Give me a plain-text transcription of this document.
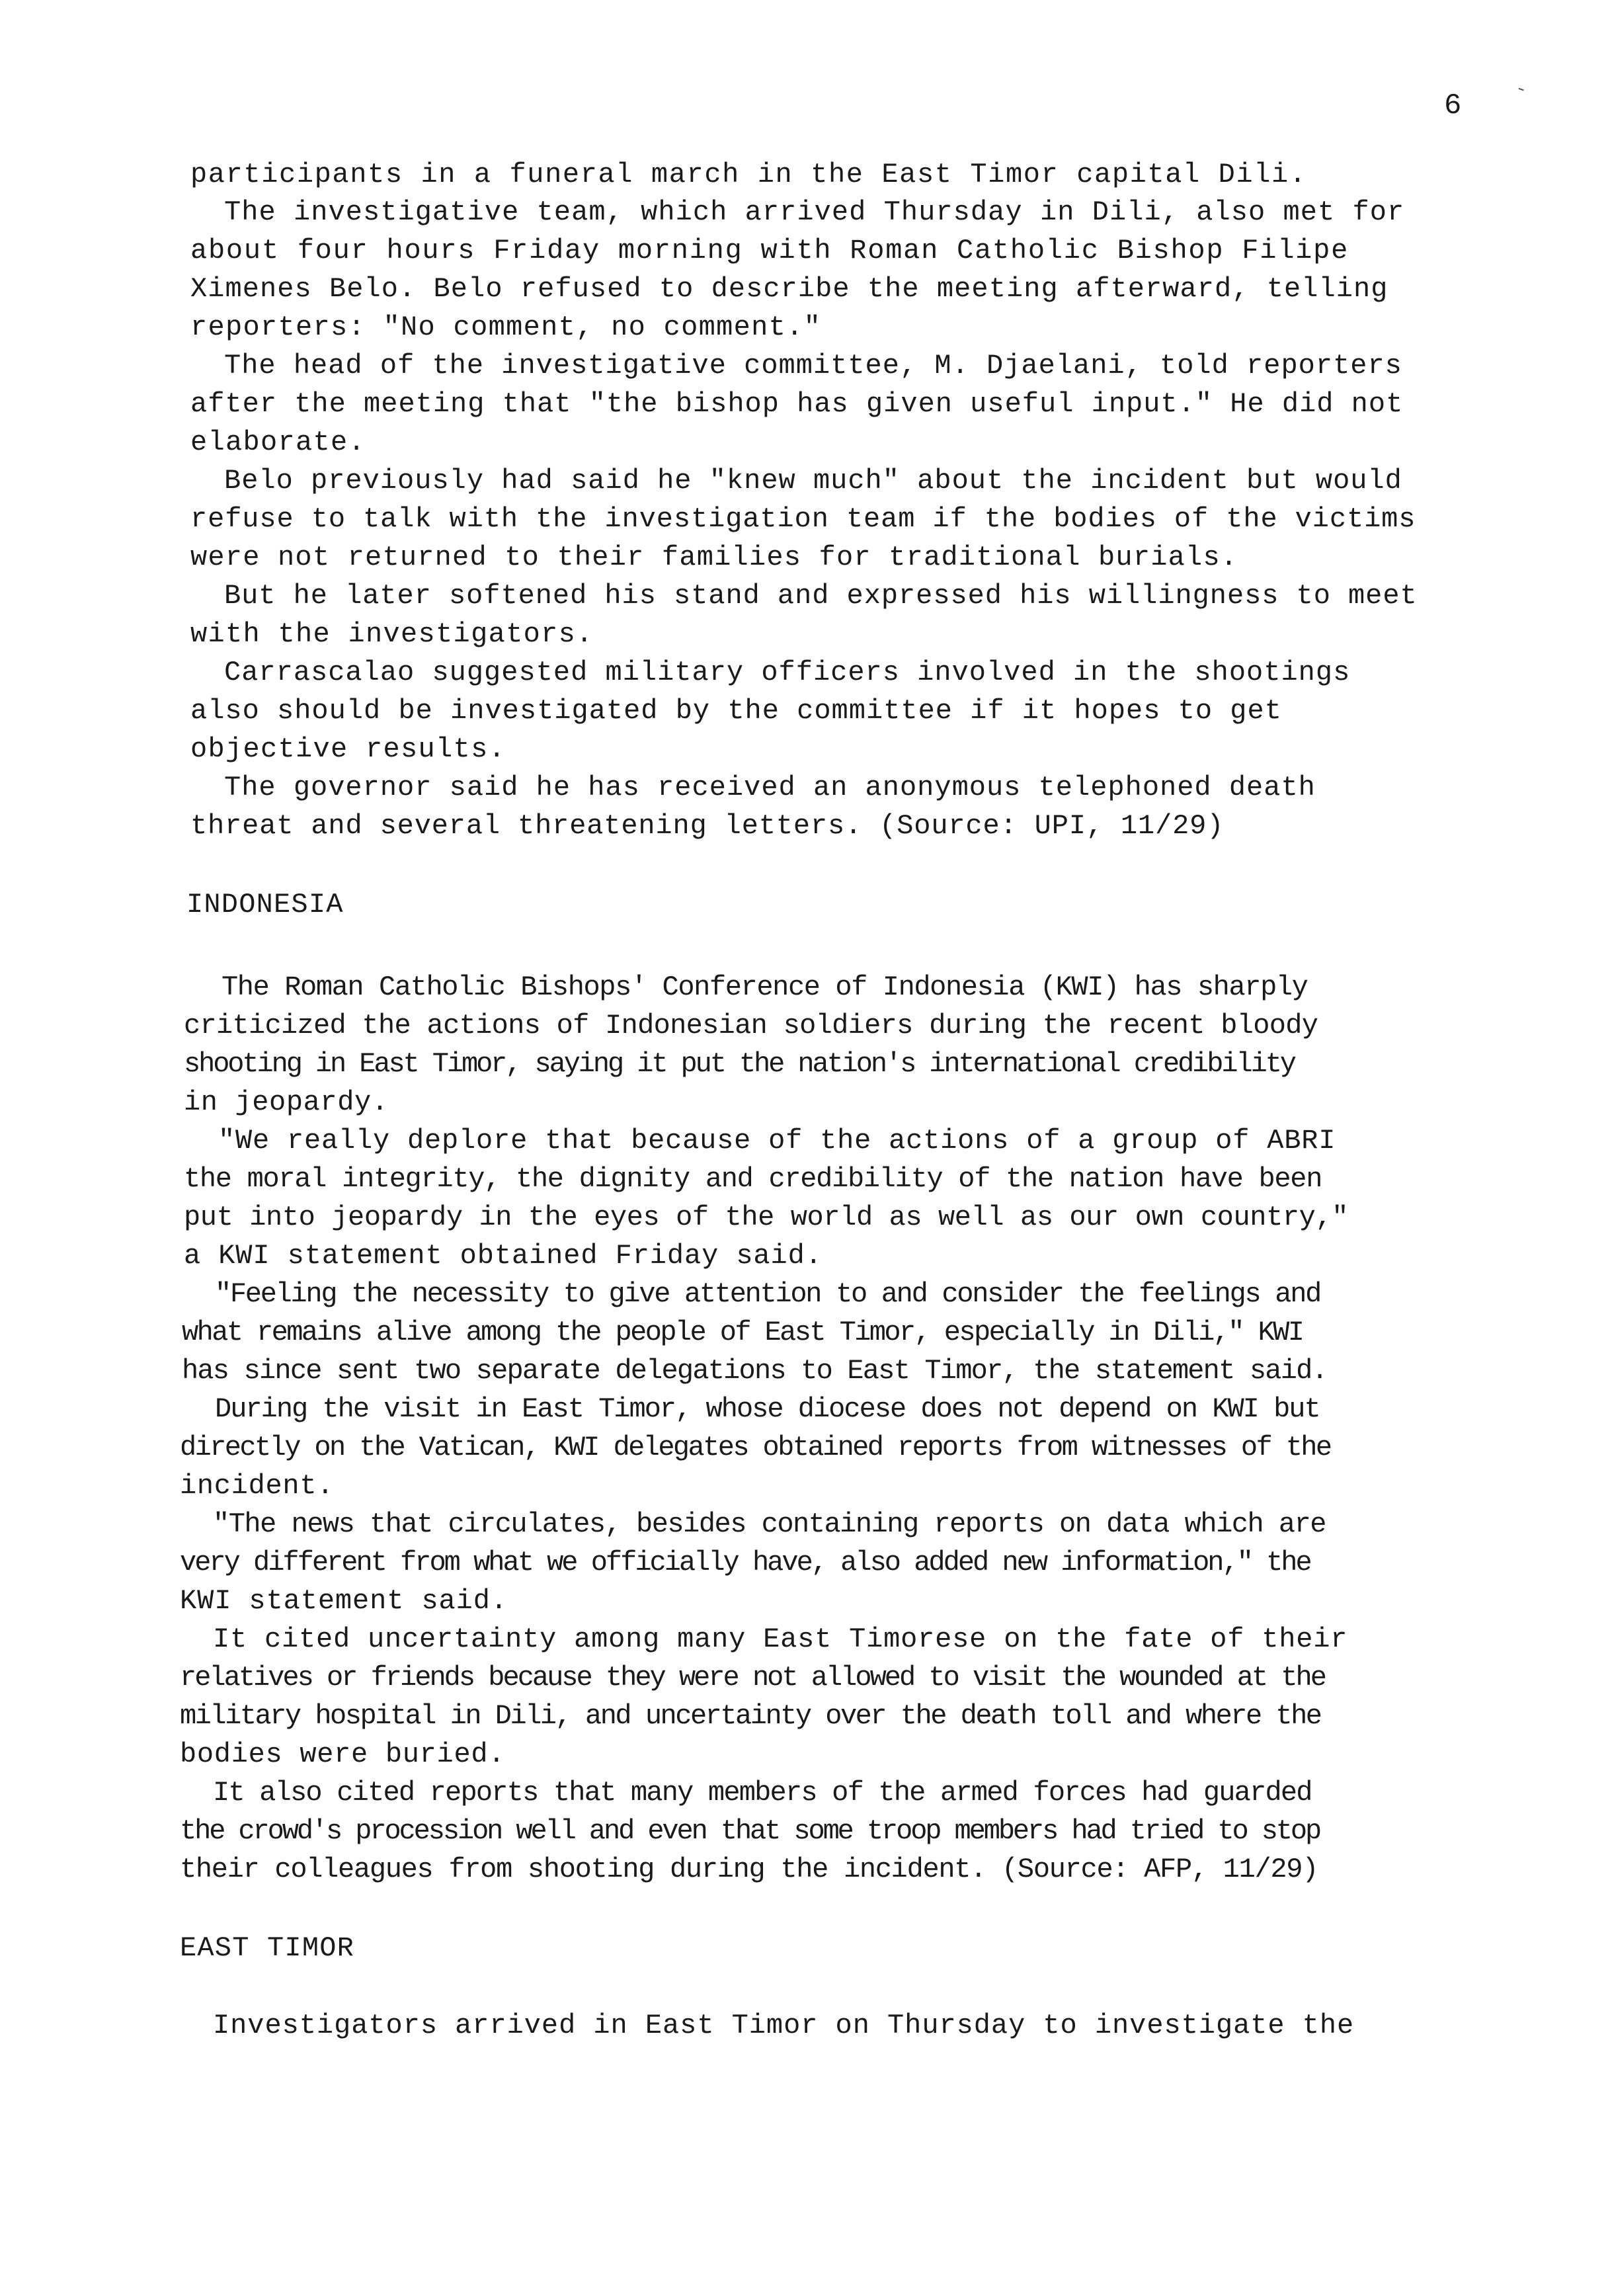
6
participants in a funeral march in the East Timor capital Dili.
The investigative team, which arrived Thursday in Dili, also met for
about four hours Friday morning with Roman Catholic Bishop Filipe
Ximenes Belo. Belo refused to describe the meeting afterward, telling
reporters: "No comment, no comment."
The head of the investigative committee, M. Djaelani, told reporters
after the meeting that "the bishop has given useful input." He did not
elaborate.
Belo previously had said he "knew much" about the incident but would
refuse to talk with the investigation team if the bodies of the victims
were not returned to their families for traditional burials.
But he later softened his stand and expressed his willingness to meet
with the investigators.
Carrascalao suggested military officers involved in the shootings
also should be investigated by the committee if it hopes to get
objective results.
The governor said he has received an anonymous telephoned death
threat and several threatening letters. (Source: UPI, 11/29)
INDONESIA
The Roman Catholic Bishops' Conference of Indonesia (KWI) has sharply
criticized the actions of Indonesian soldiers during the recent bloody
shooting in East Timor, saying it put the nation's international credibility
in jeopardy.
"We really deplore that because of the actions of a group of ABRI
the moral integrity, the dignity and credibility of the nation have been
put into jeopardy in the eyes of the world as well as our own country,"
a KWI statement obtained Friday said.
"Feeling the necessity to give attention to and consider the feelings and
what remains alive among the people of East Timor, especially in Dili," KWI
has since sent two separate delegations to East Timor, the statement said.
During the visit in East Timor, whose diocese does not depend on KWI but
directly on the Vatican, KWI delegates obtained reports from witnesses of the
incident.
"The news that circulates, besides containing reports on data which are
very different from what we officially have, also added new information," the
KWI statement said.
It cited uncertainty among many East Timorese on the fate of their
relatives or friends because they were not allowed to visit the wounded at the
military hospital in Dili, and uncertainty over the death toll and where the
bodies were buried.
It also cited reports that many members of the armed forces had guarded
the crowd's procession well and even that some troop members had tried to stop
their colleagues from shooting during the incident. (Source: AFP, 11/29)
EAST TIMOR
Investigators arrived in East Timor on Thursday to investigate the
